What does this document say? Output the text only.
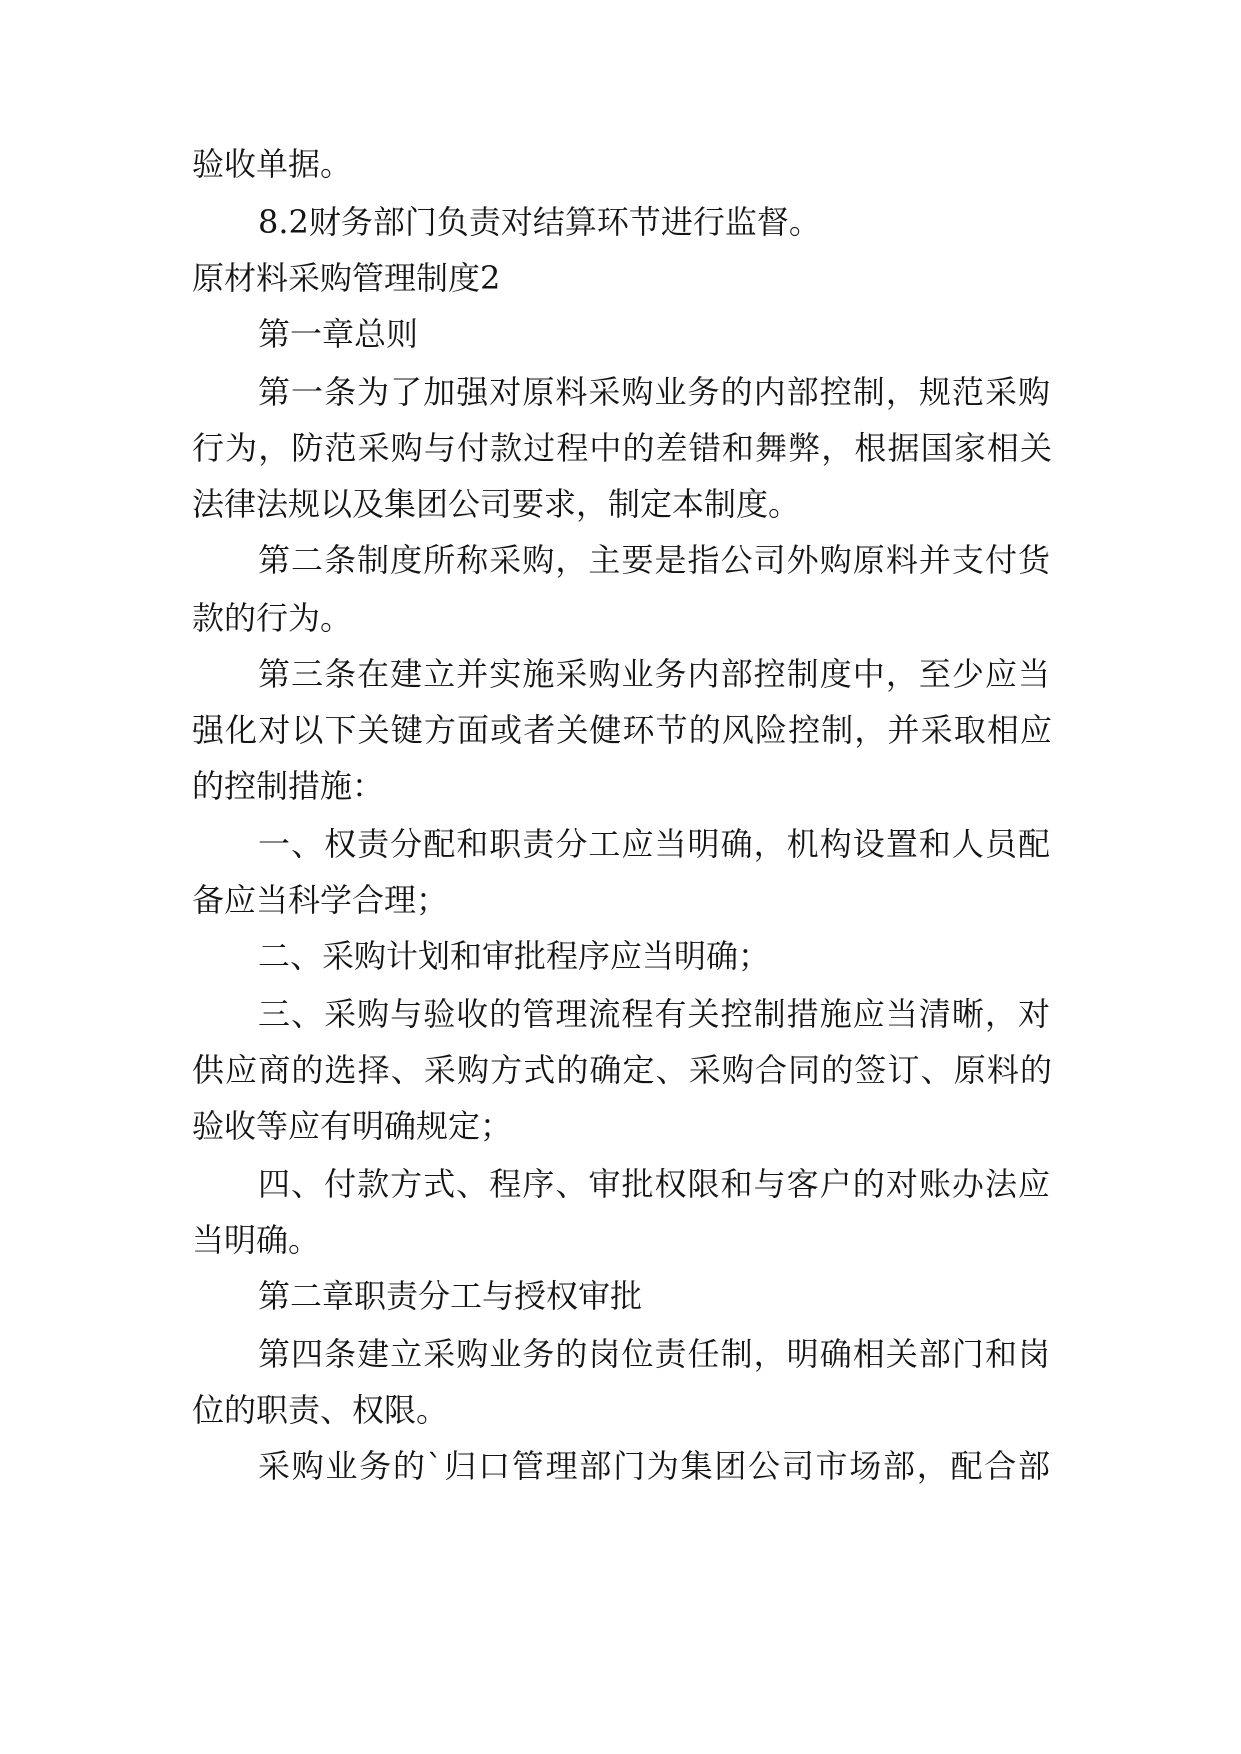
验收单据。

8.2财务部门负责对结算环节进行监督。

原材料采购管理制度2

第一章总则

第一条为了加强对原料采购业务的内部控制，规范采购

行为，防范采购与付款过程中的差错和舞弊，根据国家相关

法律法规以及集团公司要求，制定本制度。

第二条制度所称采购，主要是指公司外购原料并支付货

款的行为。

第三条在建立并实施采购业务内部控制度中，至少应当

强化对以下关键方面或者关健环节的风险控制，并采取相应

的控制措施：

一、权责分配和职责分工应当明确，机构设置和人员配

备应当科学合理；

二、采购计划和审批程序应当明确；

三、采购与验收的管理流程有关控制措施应当清晰，对

供应商的选择、采购方式的确定、采购合同的签订、原料的

验收等应有明确规定；

四、付款方式、程序、审批权限和与客户的对账办法应

当明确。

第二章职责分工与授权审批

第四条建立采购业务的岗位责任制，明确相关部门和岗

位的职责、权限。

采购业务的`归口管理部门为集团公司市场部，配合部
